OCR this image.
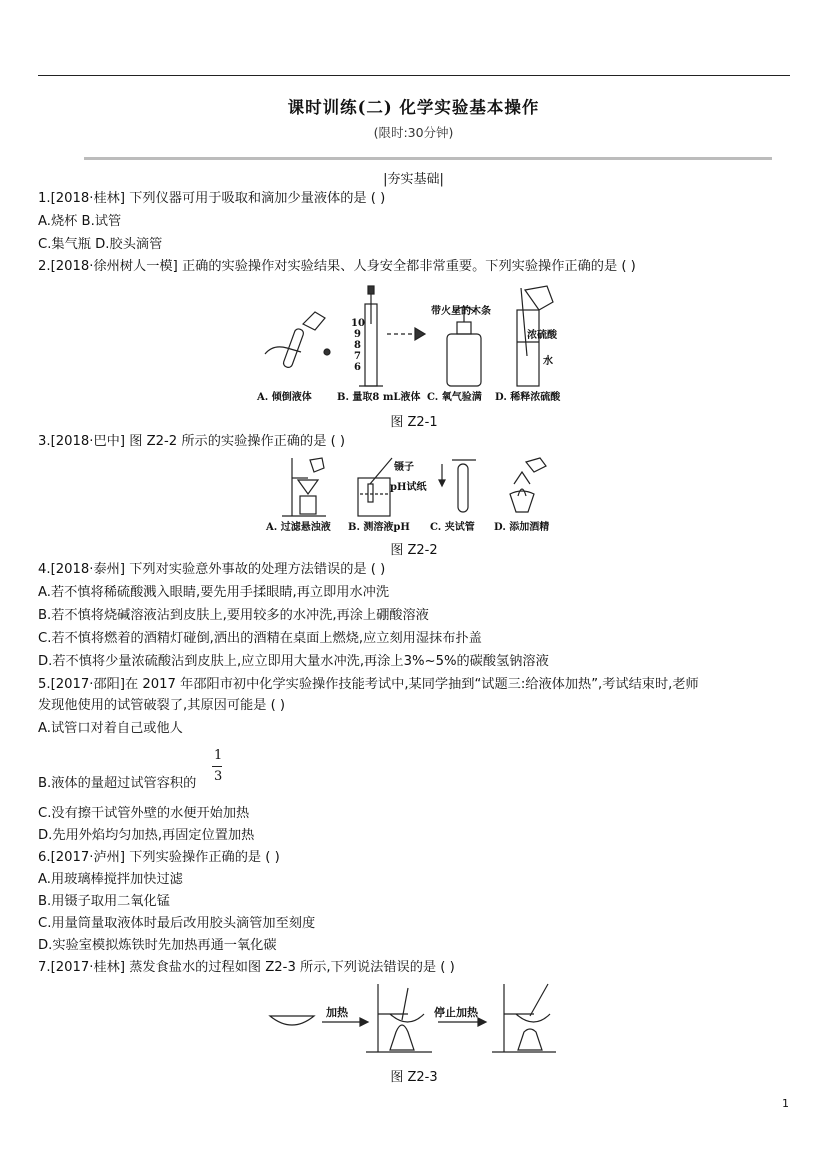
课时训练(二) 化学实验基本操作
(限时:30分钟)
|夯实基础|
1.[2018·桂林] 下列仪器可用于吸取和滴加少量液体的是 ( )
A.烧杯 B.试管
C.集气瓶 D.胶头滴管
2.[2018·徐州树人一模] 正确的实验操作对实验结果、人身安全都非常重要。下列实验操作正确的是 ( )
10
9
8
7
6
带火星的木条
浓硫酸
水
A. 倾倒液体	B. 量取8 mL液体 C. 氧气验满 D. 稀释浓硫酸
图 Z2-1
3.[2018·巴中] 图 Z2-2 所示的实验操作正确的是 ( )
镊子
pH试纸
A. 过滤悬浊液 B. 测溶液pH C. 夹试管 D. 添加酒精
图 Z2-2
4.[2018·泰州] 下列对实验意外事故的处理方法错误的是 ( )
A.若不慎将稀硫酸溅入眼睛,要先用手揉眼睛,再立即用水冲洗
B.若不慎将烧碱溶液沾到皮肤上,要用较多的水冲洗,再涂上硼酸溶液
C.若不慎将燃着的酒精灯碰倒,洒出的酒精在桌面上燃烧,应立刻用湿抹布扑盖
D.若不慎将少量浓硫酸沾到皮肤上,应立即用大量水冲洗,再涂上3%~5%的碳酸氢钠溶液
5.[2017·邵阳]在 2017 年邵阳市初中化学实验操作技能考试中,某同学抽到“试题三:给液体加热”,考试结束时,老师
发现他使用的试管破裂了,其原因可能是 ( )
A.试管口对着自己或他人
B.液体的量超过试管容积的
1
3
C.没有擦干试管外壁的水便开始加热
D.先用外焰均匀加热,再固定位置加热
6.[2017·泸州] 下列实验操作正确的是 ( )
A.用玻璃棒搅拌加快过滤
B.用镊子取用二氧化锰
C.用量筒量取液体时最后改用胶头滴管加至刻度
D.实验室模拟炼铁时先加热再通一氧化碳
7.[2017·桂林] 蒸发食盐水的过程如图 Z2-3 所示,下列说法错误的是 ( )
加热	停止加热
图 Z2-3
1
